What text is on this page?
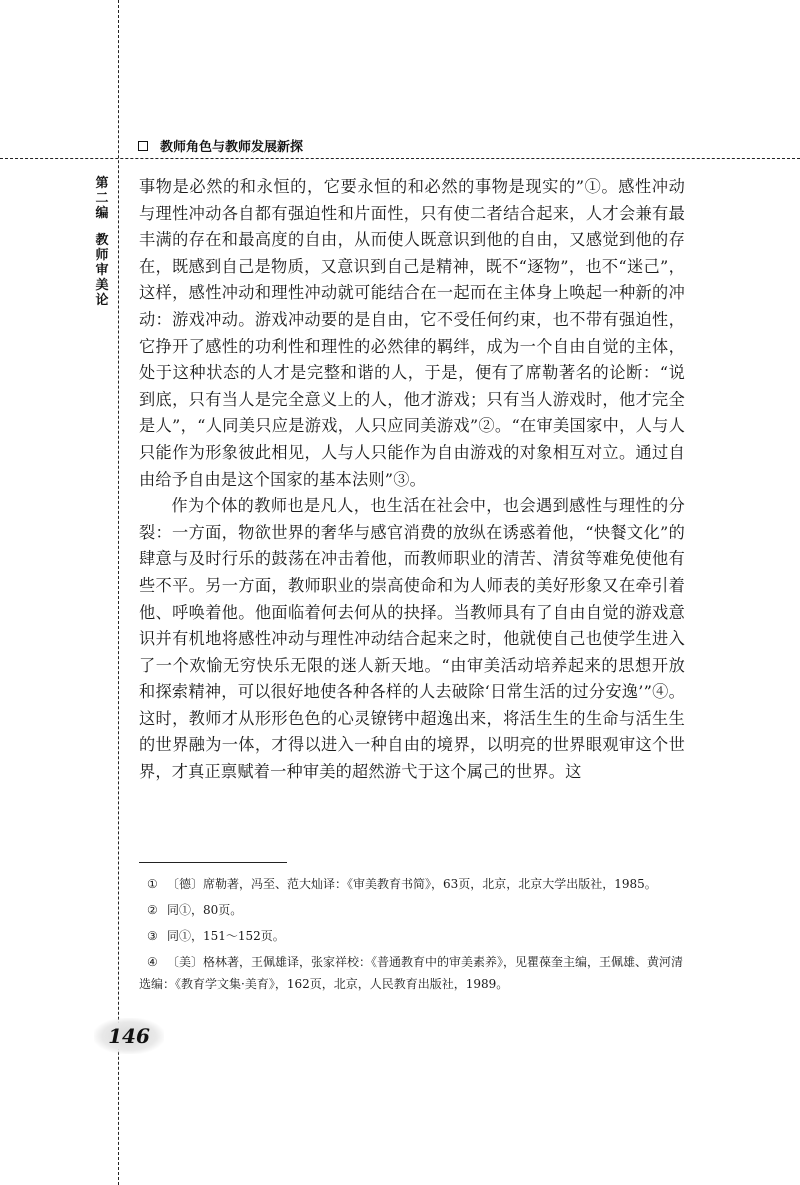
教师角色与教师发展新探
第
二
编
教
师
审
美
论

事物是必然的和永恒的，它要永恒的和必然的事物是现实的”①。感性冲动与理性冲动各自都有强迫性和片面性，只有使二者结合起来，人才会兼有最丰满的存在和最高度的自由，从而使人既意识到他的自由，又感觉到他的存在，既感到自己是物质，又意识到自己是精神，既不“逐物”，也不“迷己”，这样，感性冲动和理性冲动就可能结合在一起而在主体身上唤起一种新的冲动：游戏冲动。游戏冲动要的是自由，它不受任何约束，也不带有强迫性，它挣开了感性的功利性和理性的必然律的羁绊，成为一个自由自觉的主体，处于这种状态的人才是完整和谐的人，于是，便有了席勒著名的论断：“说到底，只有当人是完全意义上的人，他才游戏；只有当人游戏时，他才完全是人”，“人同美只应是游戏，人只应同美游戏”②。“在审美国家中，人与人只能作为形象彼此相见，人与人只能作为自由游戏的对象相互对立。通过自由给予自由是这个国家的基本法则”③。

作为个体的教师也是凡人，也生活在社会中，也会遇到感性与理性的分裂：一方面，物欲世界的奢华与感官消费的放纵在诱惑着他，“快餐文化”的肆意与及时行乐的鼓荡在冲击着他，而教师职业的清苦、清贫等难免使他有些不平。另一方面，教师职业的崇高使命和为人师表的美好形象又在牵引着他、呼唤着他。他面临着何去何从的抉择。当教师具有了自由自觉的游戏意识并有机地将感性冲动与理性冲动结合起来之时，他就使自己也使学生进入了一个欢愉无穷快乐无限的迷人新天地。“由审美活动培养起来的思想开放和探索精神，可以很好地使各种各样的人去破除‘日常生活的过分安逸’”④。这时，教师才从形形色色的心灵镣铐中超逸出来，将活生生的生命与活生生的世界融为一体，才得以进入一种自由的境界，以明亮的世界眼观审这个世界，才真正禀赋着一种审美的超然游弋于这个属己的世界。这

① 〔德〕席勒著，冯至、范大灿译：《审美教育书简》，63页，北京，北京大学出版社，1985。

② 同①，80页。

③ 同①，151～152页。

④ 〔美〕格林著，王佩雄译，张家祥校：《普通教育中的审美素养》，见瞿葆奎主编，王佩雄、黄河清选编：《教育学文集·美育》，162页，北京，人民教育出版社，1989。

146
